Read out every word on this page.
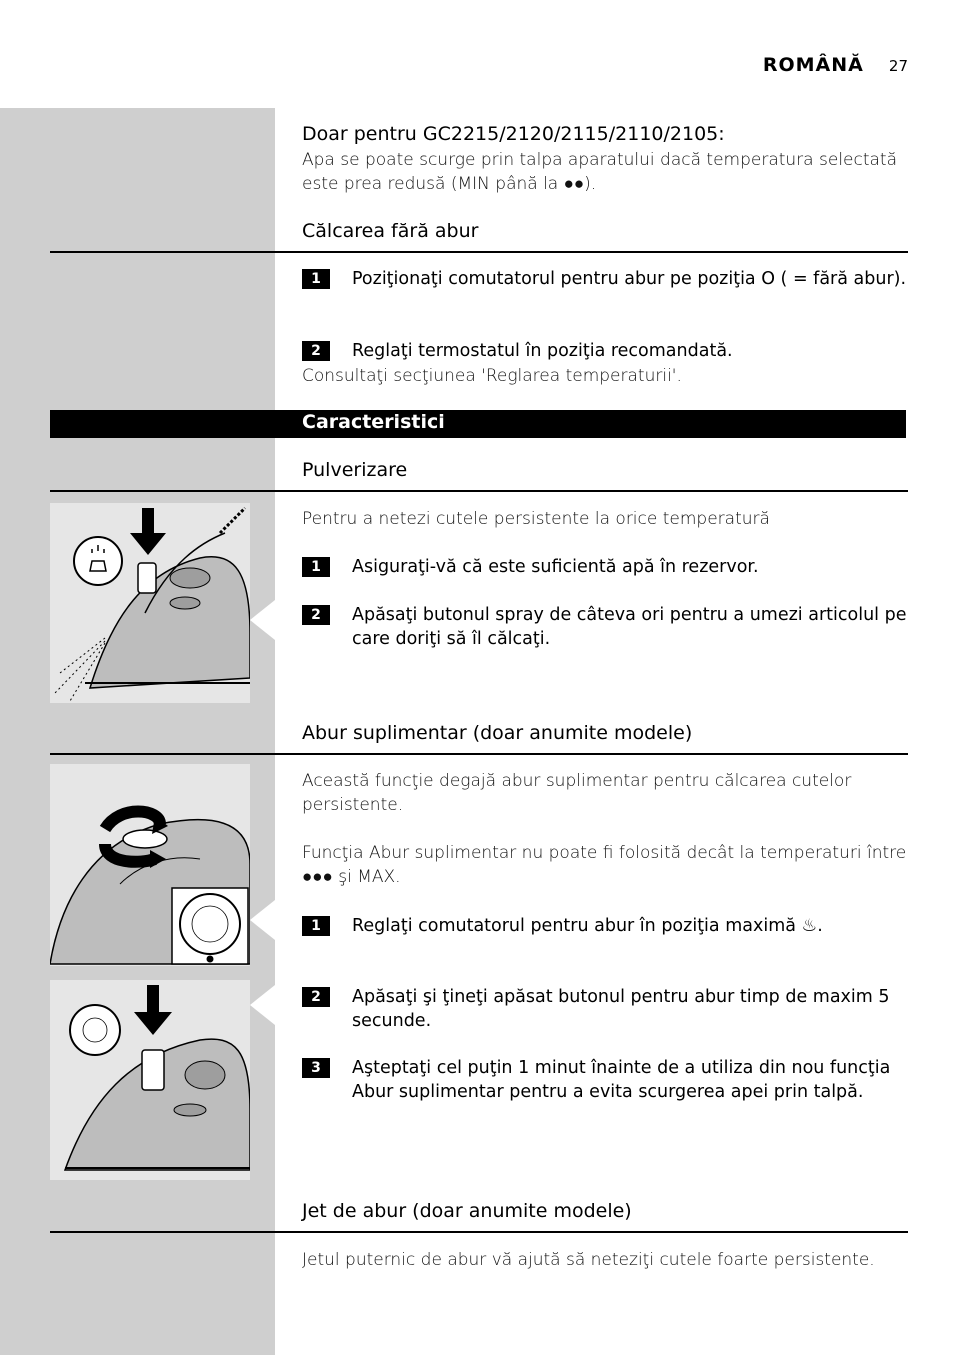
ROMÂNĂ 27
Doar pentru GC2215/2120/2115/2110/2105:
Apa se poate scurge prin talpa aparatului dacă temperatura selectată este prea redusă (MIN până la ●●).
Călcarea fără abur
1	Poziţionaţi comutatorul pentru abur pe poziţia O ( = fără abur).
2	Reglaţi termostatul în poziţia recomandată.
Consultaţi secţiunea 'Reglarea temperaturii'.
Caracteristici
Pulverizare
Pentru a netezi cutele persistente la orice temperatură
1	Asiguraţi-vă că este suficientă apă în rezervor.
2	Apăsaţi butonul spray de câteva ori pentru a umezi articolul pe care doriţi să îl călcaţi.
Abur suplimentar (doar anumite modele)
Această funcţie degajă abur suplimentar pentru călcarea cutelor persistente.
Funcţia Abur suplimentar nu poate fi folosită decât la temperaturi între ●●● şi MAX.
1	Reglaţi comutatorul pentru abur în poziţia maximă ♨.
2	Apăsaţi şi ţineţi apăsat butonul pentru abur timp de maxim 5 secunde.
3	Aşteptaţi cel puţin 1 minut înainte de a utiliza din nou funcţia Abur suplimentar pentru a evita scurgerea apei prin talpă.
Jet de abur (doar anumite modele)
Jetul puternic de abur vă ajută să neteziţi cutele foarte persistente.
